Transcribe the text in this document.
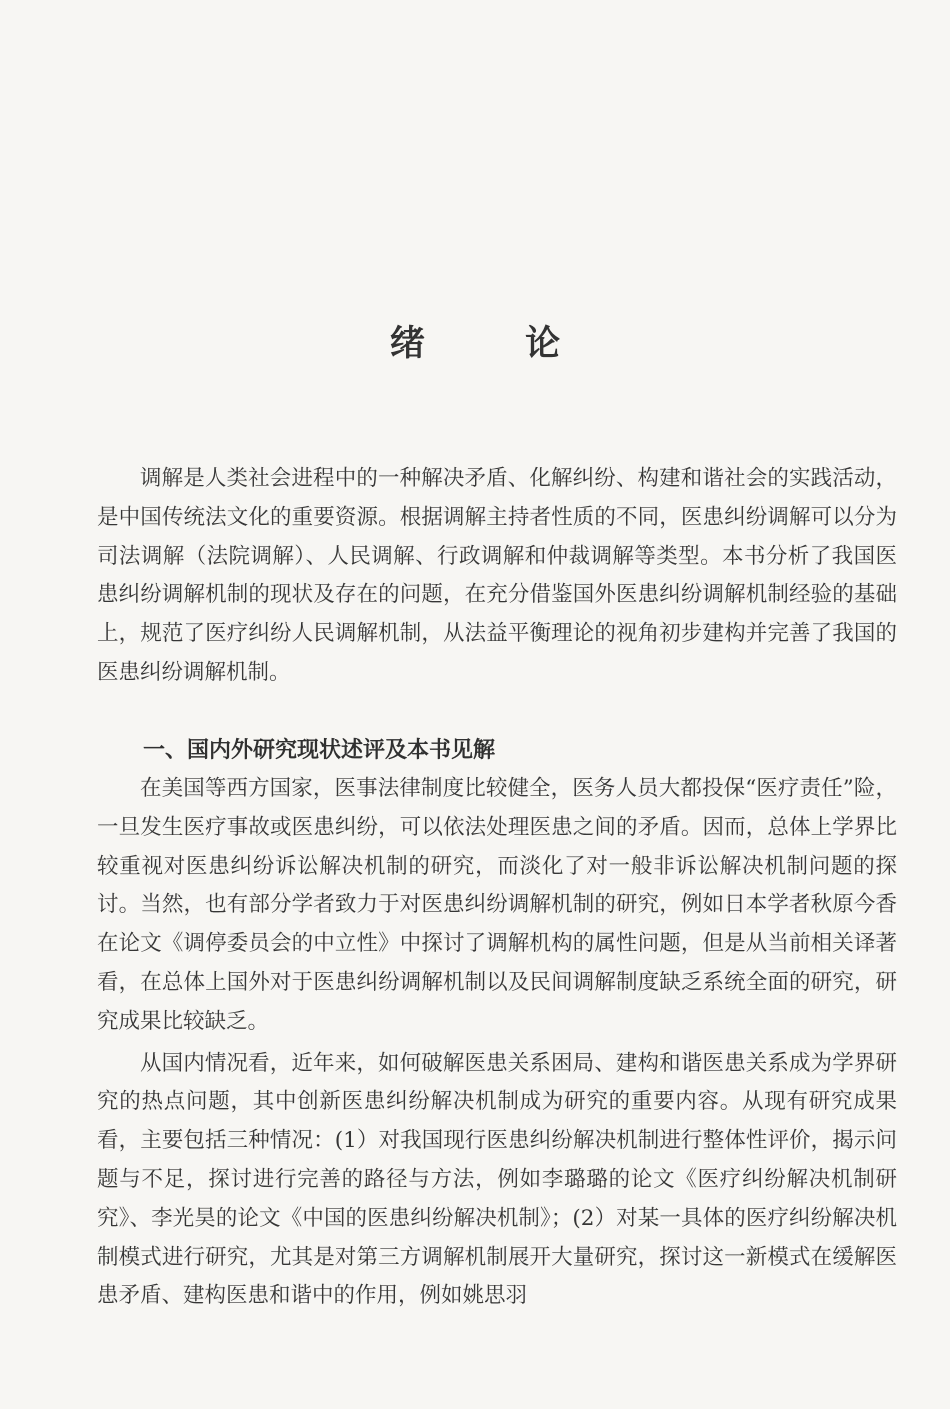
绪 论

调解是人类社会进程中的一种解决矛盾、化解纠纷、构建和谐社会的实践活动，是中国传统法文化的重要资源。根据调解主持者性质的不同，医患纠纷调解可以分为司法调解（法院调解）、人民调解、行政调解和仲裁调解等类型。本书分析了我国医患纠纷调解机制的现状及存在的问题，在充分借鉴国外医患纠纷调解机制经验的基础上，规范了医疗纠纷人民调解机制，从法益平衡理论的视角初步建构并完善了我国的医患纠纷调解机制。

一、国内外研究现状述评及本书见解

在美国等西方国家，医事法律制度比较健全，医务人员大都投保“医疗责任”险，一旦发生医疗事故或医患纠纷，可以依法处理医患之间的矛盾。因而，总体上学界比较重视对医患纠纷诉讼解决机制的研究，而淡化了对一般非诉讼解决机制问题的探讨。当然，也有部分学者致力于对医患纠纷调解机制的研究，例如日本学者秋原今香在论文《调停委员会的中立性》中探讨了调解机构的属性问题，但是从当前相关译著看，在总体上国外对于医患纠纷调解机制以及民间调解制度缺乏系统全面的研究，研究成果比较缺乏。

从国内情况看，近年来，如何破解医患关系困局、建构和谐医患关系成为学界研究的热点问题，其中创新医患纠纷解决机制成为研究的重要内容。从现有研究成果看，主要包括三种情况：(1）对我国现行医患纠纷解决机制进行整体性评价，揭示问题与不足，探讨进行完善的路径与方法，例如李璐璐的论文《医疗纠纷解决机制研究》、李光昊的论文《中国的医患纠纷解决机制》；(2）对某一具体的医疗纠纷解决机制模式进行研究，尤其是对第三方调解机制展开大量研究，探讨这一新模式在缓解医患矛盾、建构医患和谐中的作用，例如姚思羽
